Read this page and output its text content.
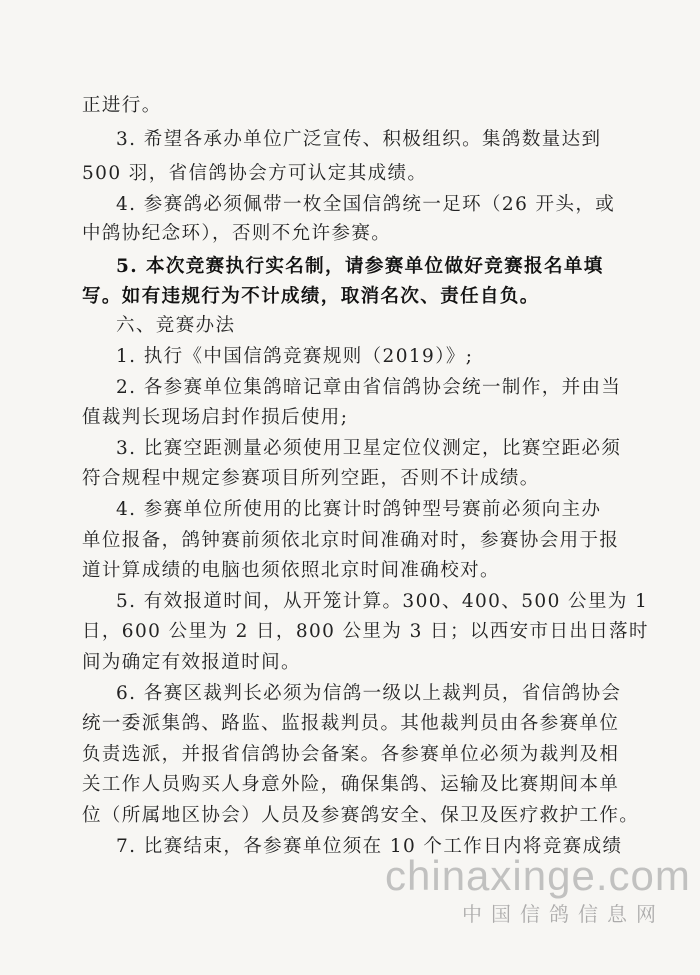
正进行。
3. 希望各承办单位广泛宣传、积极组织。集鸽数量达到
500 羽，省信鸽协会方可认定其成绩。
4. 参赛鸽必须佩带一枚全国信鸽统一足环（26 开头，或
中鸽协纪念环），否则不允许参赛。
5. 本次竞赛执行实名制，请参赛单位做好竞赛报名单填
写。如有违规行为不计成绩，取消名次、责任自负。
六、竞赛办法
1. 执行《中国信鸽竞赛规则（2019）》;
2. 各参赛单位集鸽暗记章由省信鸽协会统一制作，并由当
值裁判长现场启封作损后使用;
3. 比赛空距测量必须使用卫星定位仪测定，比赛空距必须
符合规程中规定参赛项目所列空距，否则不计成绩。
4. 参赛单位所使用的比赛计时鸽钟型号赛前必须向主办
单位报备，鸽钟赛前须依北京时间准确对时，参赛协会用于报
道计算成绩的电脑也须依照北京时间准确校对。
5. 有效报道时间，从开笼计算。300、400、500 公里为 1
日，600 公里为 2 日，800 公里为 3 日；以西安市日出日落时
间为确定有效报道时间。
6. 各赛区裁判长必须为信鸽一级以上裁判员，省信鸽协会
统一委派集鸽、路监、监报裁判员。其他裁判员由各参赛单位
负责选派，并报省信鸽协会备案。各参赛单位必须为裁判及相
关工作人员购买人身意外险，确保集鸽、运输及比赛期间本单
位（所属地区协会）人员及参赛鸽安全、保卫及医疗救护工作。
7. 比赛结束，各参赛单位须在 10 个工作日内将竞赛成绩
chinaxinge.com
中国信鸽信息网
